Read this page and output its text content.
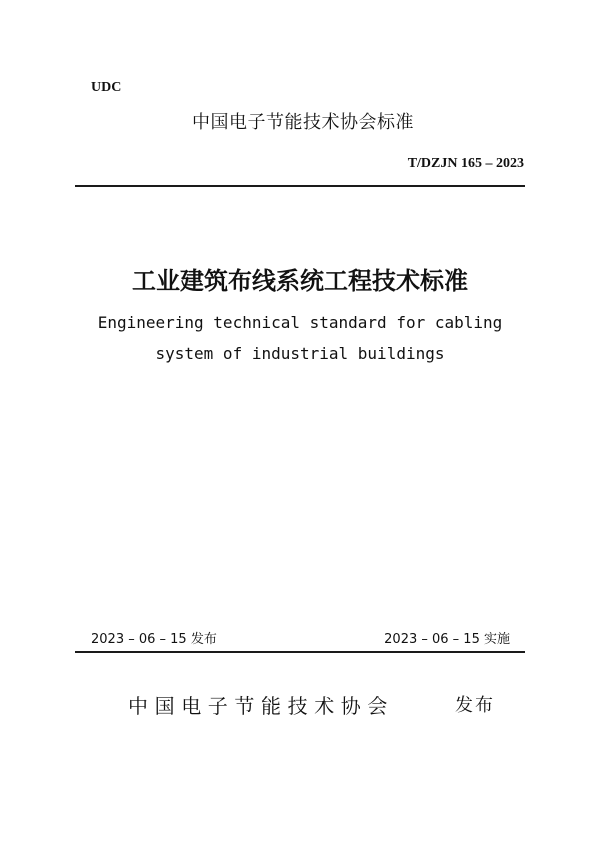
UDC
中国电子节能技术协会标准
T/DZJN 165 – 2023
工业建筑布线系统工程技术标准
Engineering technical standard for cabling
system of industrial buildings
2023 – 06 – 15 发布	2023 – 06 – 15 实施
中国电子节能技术协会	发布
